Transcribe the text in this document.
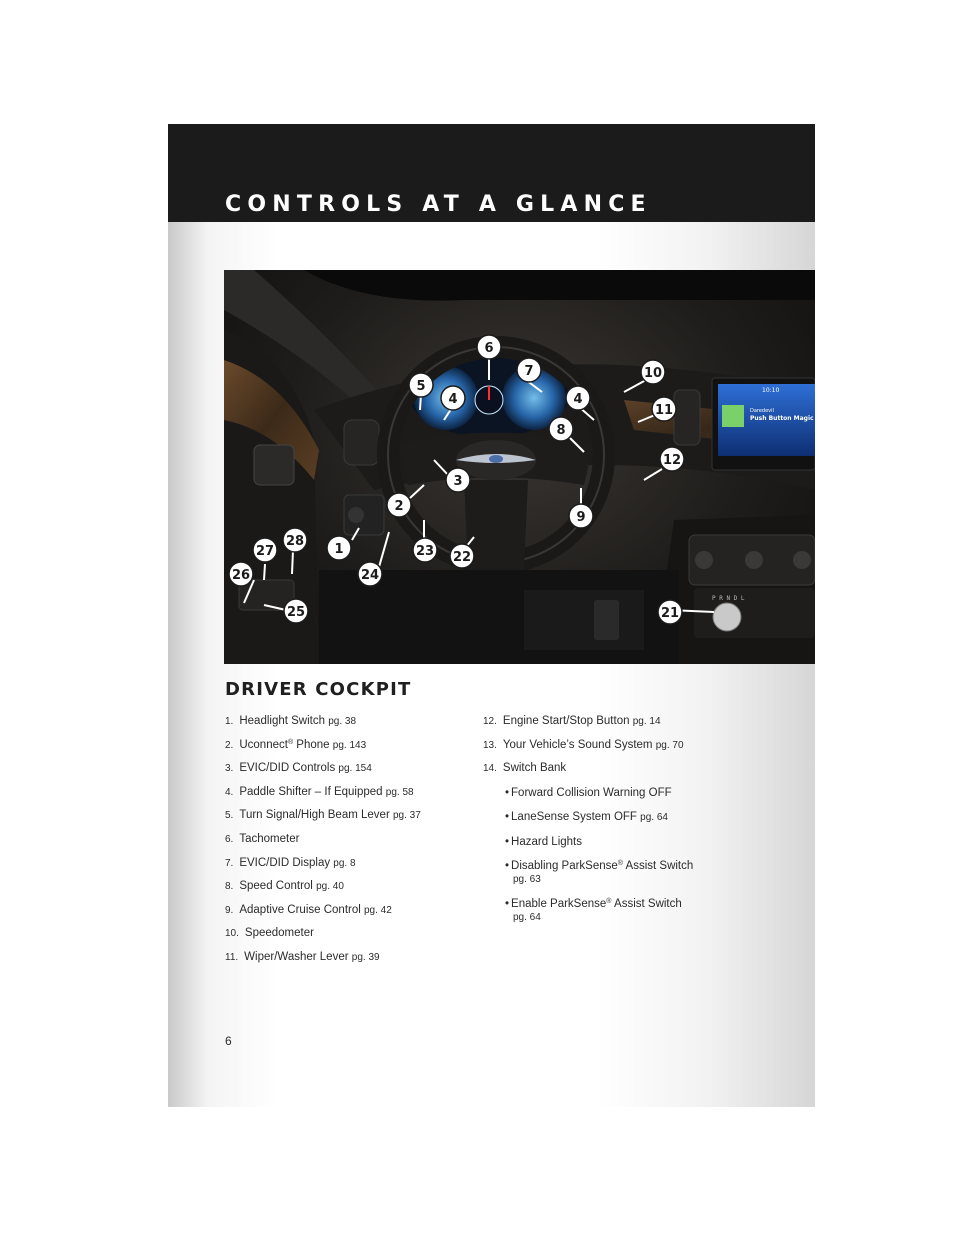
CONTROLS AT A GLANCE
Daredevil
Push Button Magic
10:10
P R N D L
6
7	10
5
4	4
11
8
12
3
2
9
28
27	1	23 22
24
26
25	21
DRIVER COCKPIT
1. Headlight Switch pg. 38
2. Uconnect® Phone pg. 143
3. EVIC/DID Controls pg. 154
4. Paddle Shifter – If Equipped pg. 58
5. Turn Signal/High Beam Lever pg. 37
6. Tachometer
7. EVIC/DID Display pg. 8
8. Speed Control pg. 40
9. Adaptive Cruise Control pg. 42
10. Speedometer
11. Wiper/Washer Lever pg. 39
12. Engine Start/Stop Button pg. 14
13. Your Vehicle’s Sound System pg. 70
14. Switch Bank
• Forward Collision Warning OFF
• LaneSense System OFF pg. 64
• Hazard Lights
• Disabling ParkSense® Assist Switch
pg. 63
• Enable ParkSense® Assist Switch
pg. 64
6
